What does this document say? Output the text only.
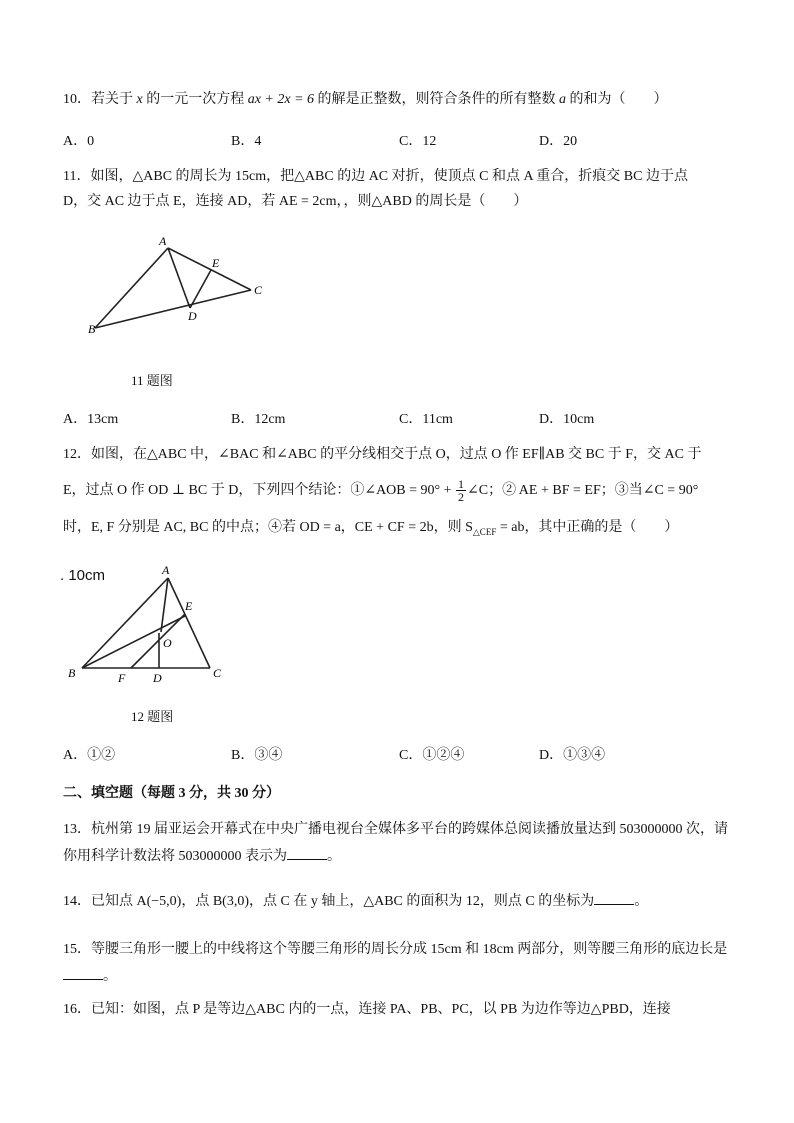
10．若关于 x 的一元一次方程 ax + 2x = 6 的解是正整数，则符合条件的所有整数 a 的和为（　　）
A．0	B．4	C．12	D．20
11．如图，△ABC 的周长为 15cm，把△ABC 的边 AC 对折，使顶点 C 和点 A 重合，折痕交 BC 边于点
D，交 AC 边于点 E，连接 AD，若 AE = 2cm，，则△ABD 的周长是（　　）
A
B
C
D
E
11 题图
A．13cm	B．12cm	C．11cm	D．10cm
12．如图，在△ABC 中，∠BAC 和∠ABC 的平分线相交于点 O，过点 O 作 EF∥AB 交 BC 于 F，交 AC 于
E，过点 O 作 OD ⊥ BC 于 D，下列四个结论：①∠AOB = $90^\circ + \frac{1}{2}$ ∠C；② AE + BF = EF；③当∠C = 90°
时，E, F 分别是 AC, BC 的中点；④若 OD = a，CE + CF = 2b，则 $S_{\triangle CEF}$ = ab，其中正确的是（　　）
. 10cm	A
B	C
D
E
F
O
12 题图
A．①②	B．③④	C．①②④	D．①③④
二、填空题（每题 3 分，共 30 分）
13．杭州第 19 届亚运会开幕式在中央广播电视台全媒体多平台的跨媒体总阅读播放量达到 503000000 次，请
你用科学计数法将 503000000 表示为	。
14．已知点 A(−5,0)，点 B(3,0)，点 C 在 y 轴上，△ABC 的面积为 12，则点 C 的坐标为	。
15．等腰三角形一腰上的中线将这个等腰三角形的周长分成 15cm 和 18cm 两部分，则等腰三角形的底边长是
。
16．已知：如图，点 P 是等边△ABC 内的一点，连接 PA、PB、PC，以 PB 为边作等边△PBD，连接
